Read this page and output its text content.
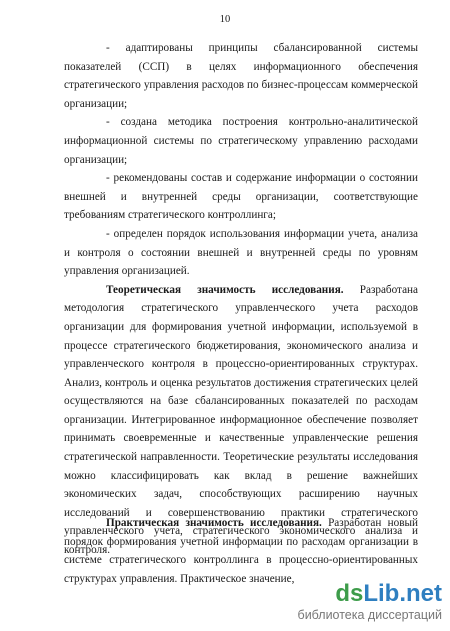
10

- адаптированы принципы сбалансированной системы показателей (ССП) в целях информационного обеспечения стратегического управления расходов по бизнес-процессам коммерческой организации;

- создана методика построения контрольно-аналитической информационной системы по стратегическому управлению расходами организации;

- рекомендованы состав и содержание информации о состоянии внешней и внутренней среды организации, соответствующие требованиям стратегического контроллинга;

- определен порядок использования информации учета, анализа и контроля о состоянии внешней и внутренней среды по уровням управления организацией.

Теоретическая значимость исследования. Разработана методология стратегического управленческого учета расходов организации для формирования учетной информации, используемой в процессе стратегического бюджетирования, экономического анализа и управленческого контроля в процессно-ориентированных структурах. Анализ, контроль и оценка результатов достижения стратегических целей осуществляются на базе сбалансированных показателей по расходам организации. Интегрированное информационное обеспечение позволяет принимать своевременные и качественные управленческие решения стратегической направленности. Теоретические результаты исследования можно классифицировать как вклад в решение важнейших экономических задач, способствующих расширению научных исследований и совершенствованию практики стратегического управленческого учета, стратегического экономического анализа и контроля.

Практическая значимость исследования. Разработан новый порядок формирования учетной информации по расходам организации в системе стратегического контроллинга в процессно-ориентированных структурах управления. Практическое значение,

dsLib.net
библиотека диссертаций
